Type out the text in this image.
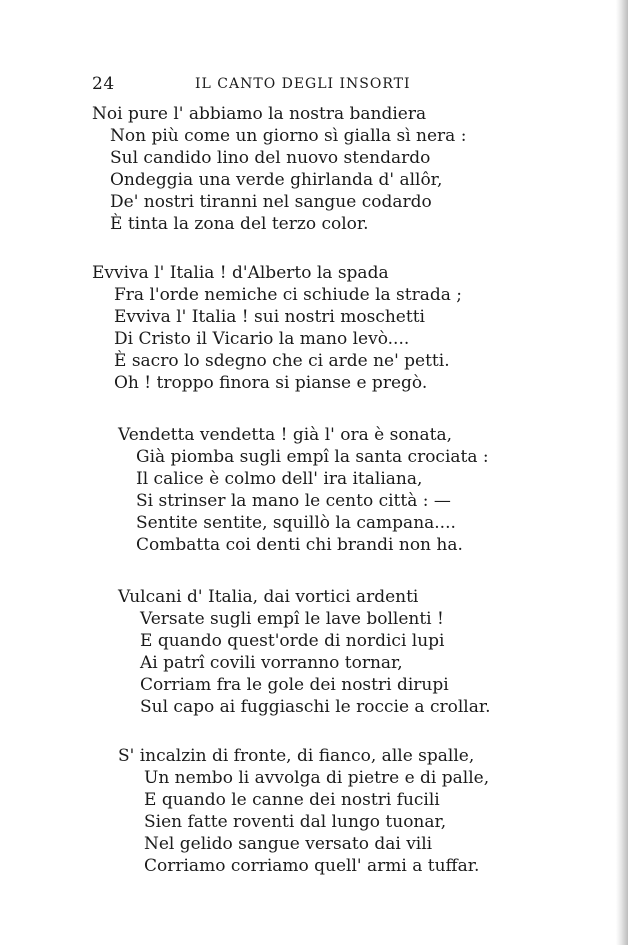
24	IL CANTO DEGLI INSORTI
Noi pure l' abbiamo la nostra bandiera
Non più come un giorno sì gialla sì nera :
Sul candido lino del nuovo stendardo
Ondeggia una verde ghirlanda d' allôr,
De' nostri tiranni nel sangue codardo
È tinta la zona del terzo color.
Evviva l' Italia ! d'Alberto la spada
Fra l'orde nemiche ci schiude la strada ;
Evviva l' Italia ! sui nostri moschetti
Di Cristo il Vicario la mano levò....
È sacro lo sdegno che ci arde ne' petti.
Oh ! troppo finora si pianse e pregò.
Vendetta vendetta ! già l' ora è sonata,
Già piomba sugli empî la santa crociata :
Il calice è colmo dell' ira italiana,
Si strinser la mano le cento città : —
Sentite sentite, squillò la campana....
Combatta coi denti chi brandi non ha.
Vulcani d' Italia, dai vortici ardenti
Versate sugli empî le lave bollenti !
E quando quest'orde di nordici lupi
Ai patrî covili vorranno tornar,
Corriam fra le gole dei nostri dirupi
Sul capo ai fuggiaschi le roccie a crollar.
S' incalzin di fronte, di fianco, alle spalle,
Un nembo li avvolga di pietre e di palle,
E quando le canne dei nostri fucili
Sien fatte roventi dal lungo tuonar,
Nel gelido sangue versato dai vili
Corriamo corriamo quell' armi a tuffar.
